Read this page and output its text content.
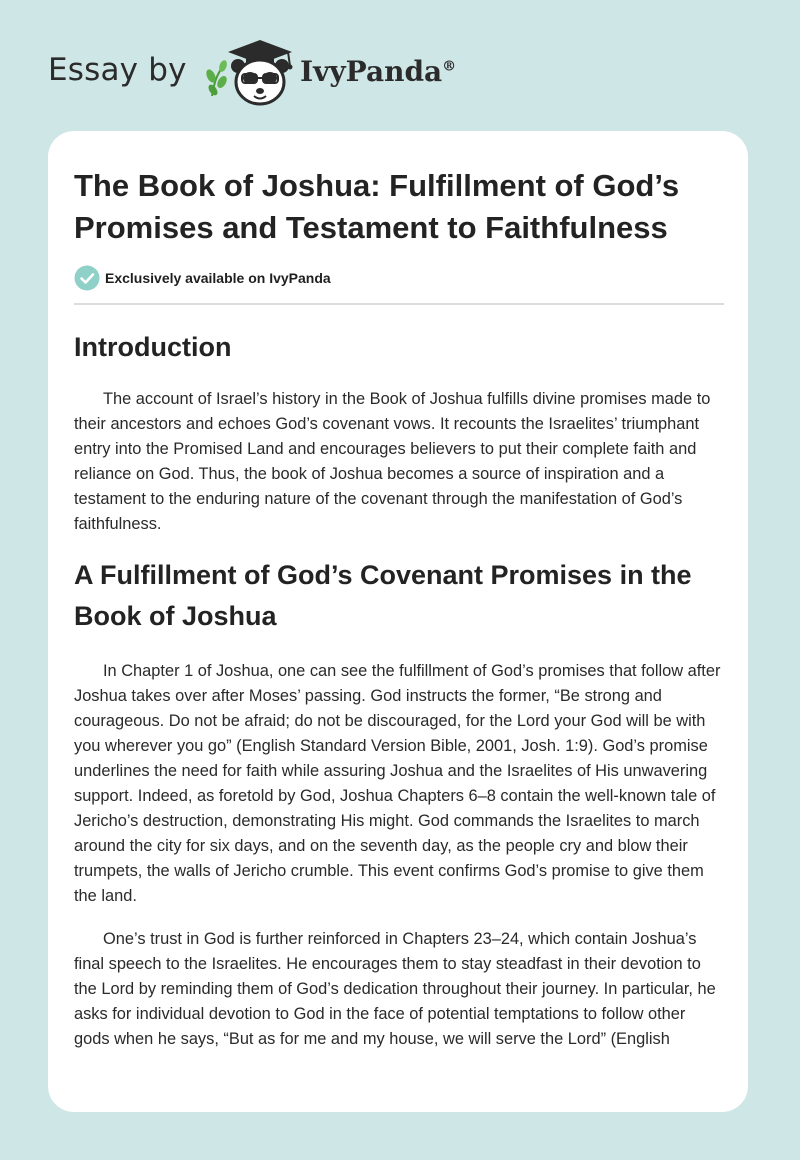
Essay by	IvyPanda®
The Book of Joshua: Fulfillment of God’s Promises and Testament to Faithfulness
Exclusively available on IvyPanda
Introduction

The account of Israel’s history in the Book of Joshua fulfills divine promises made to their ancestors and echoes God’s covenant vows. It recounts the Israelites’ triumphant entry into the Promised Land and encourages believers to put their complete faith and reliance on God. Thus, the book of Joshua becomes a source of inspiration and a testament to the enduring nature of the covenant through the manifestation of God’s faithfulness.

A Fulfillment of God’s Covenant Promises in the Book of Joshua

In Chapter 1 of Joshua, one can see the fulfillment of God’s promises that follow after Joshua takes over after Moses’ passing. God instructs the former, “Be strong and courageous. Do not be afraid; do not be discouraged, for the Lord your God will be with you wherever you go” (English Standard Version Bible, 2001, Josh. 1:9). God’s promise underlines the need for faith while assuring Joshua and the Israelites of His unwavering support. Indeed, as foretold by God, Joshua Chapters 6–8 contain the well-known tale of Jericho’s destruction, demonstrating His might. God commands the Israelites to march around the city for six days, and on the seventh day, as the people cry and blow their trumpets, the walls of Jericho crumble. This event confirms God’s promise to give them the land.

One’s trust in God is further reinforced in Chapters 23–24, which contain Joshua’s final speech to the Israelites. He encourages them to stay steadfast in their devotion to the Lord by reminding them of God’s dedication throughout their journey. In particular, he asks for individual devotion to God in the face of potential temptations to follow other gods when he says, “But as for me and my house, we will serve the Lord” (English
